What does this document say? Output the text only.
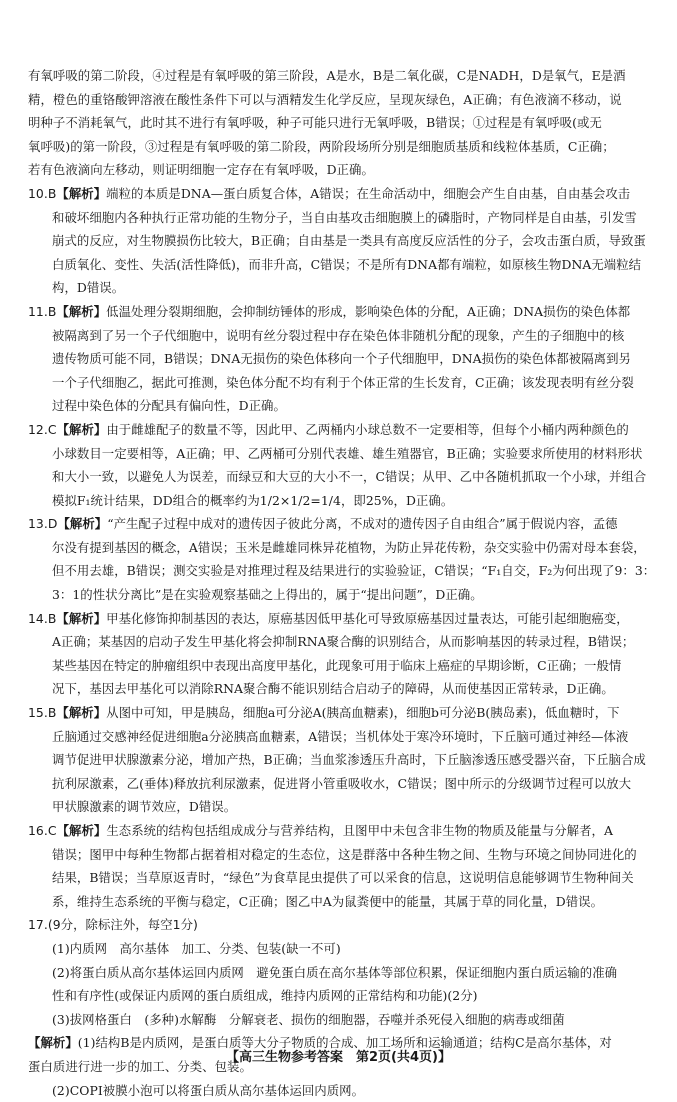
有氧呼吸的第二阶段，④过程是有氧呼吸的第三阶段，A是水，B是二氧化碳，C是NADH，D是氧气，E是酒
精，橙色的重铬酸钾溶液在酸性条件下可以与酒精发生化学反应，呈现灰绿色，A正确；有色液滴不移动，说
明种子不消耗氧气，此时其不进行有氧呼吸，种子可能只进行无氧呼吸，B错误；①过程是有氧呼吸(或无
氧呼吸)的第一阶段，③过程是有氧呼吸的第二阶段，两阶段场所分别是细胞质基质和线粒体基质，C正确；
若有色液滴向左移动，则证明细胞一定存在有氧呼吸，D正确。

10.B【解析】端粒的本质是DNA—蛋白质复合体，A错误；在生命活动中，细胞会产生自由基，自由基会攻击
和破坏细胞内各种执行正常功能的生物分子，当自由基攻击细胞膜上的磷脂时，产物同样是自由基，引发雪
崩式的反应，对生物膜损伤比较大，B正确；自由基是一类具有高度反应活性的分子，会攻击蛋白质，导致蛋
白质氧化、变性、失活(活性降低)，而非升高，C错误；不是所有DNA都有端粒，如原核生物DNA无端粒结
构，D错误。

11.B【解析】低温处理分裂期细胞，会抑制纺锤体的形成，影响染色体的分配，A正确；DNA损伤的染色体都
被隔离到了另一个子代细胞中，说明有丝分裂过程中存在染色体非随机分配的现象，产生的子细胞中的核
遗传物质可能不同，B错误；DNA无损伤的染色体移向一个子代细胞甲，DNA损伤的染色体都被隔离到另
一个子代细胞乙，据此可推测，染色体分配不均有利于个体正常的生长发育，C正确；该发现表明有丝分裂
过程中染色体的分配具有偏向性，D正确。

12.C【解析】由于雌雄配子的数量不等，因此甲、乙两桶内小球总数不一定要相等，但每个小桶内两种颜色的
小球数目一定要相等，A正确；甲、乙两桶可分别代表雄、雄生殖器官，B正确；实验要求所使用的材料形状
和大小一致，以避免人为误差，而绿豆和大豆的大小不一，C错误；从甲、乙中各随机抓取一个小球，并组合
模拟F₁统计结果，DD组合的概率约为1/2×1/2=1/4，即25%，D正确。

13.D【解析】“产生配子过程中成对的遗传因子彼此分离，不成对的遗传因子自由组合”属于假说内容，孟德
尔没有提到基因的概念，A错误；玉米是雌雄同株异花植物，为防止异花传粉，杂交实验中仍需对母本套袋，
但不用去雄，B错误；测交实验是对推理过程及结果进行的实验验证，C错误；“F₁自交，F₂为何出现了9：3：
3：1的性状分离比”是在实验观察基础之上得出的，属于“提出问题”，D正确。

14.B【解析】甲基化修饰抑制基因的表达，原癌基因低甲基化可导致原癌基因过量表达，可能引起细胞癌变，
A正确；某基因的启动子发生甲基化将会抑制RNA聚合酶的识别结合，从而影响基因的转录过程，B错误；
某些基因在特定的肿瘤组织中表现出高度甲基化，此现象可用于临床上癌症的早期诊断，C正确；一般情
况下，基因去甲基化可以消除RNA聚合酶不能识别结合启动子的障碍，从而使基因正常转录，D正确。

15.B【解析】从图中可知，甲是胰岛，细胞a可分泌A(胰高血糖素)，细胞b可分泌B(胰岛素)，低血糖时，下
丘脑通过交感神经促进细胞a分泌胰高血糖素，A错误；当机体处于寒冷环境时，下丘脑可通过神经—体液
调节促进甲状腺激素分泌，增加产热，B正确；当血浆渗透压升高时，下丘脑渗透压感受器兴奋，下丘脑合成
抗利尿激素，乙(垂体)释放抗利尿激素，促进肾小管重吸收水，C错误；图中所示的分级调节过程可以放大
甲状腺激素的调节效应，D错误。

16.C【解析】生态系统的结构包括组成成分与营养结构，且图甲中未包含非生物的物质及能量与分解者，A
错误；图甲中每种生物都占据着相对稳定的生态位，这是群落中各种生物之间、生物与环境之间协同进化的
结果，B错误；当草原返青时，“绿色”为食草昆虫提供了可以采食的信息，这说明信息能够调节生物种间关
系，维持生态系统的平衡与稳定，C正确；图乙中A为鼠粪便中的能量，其属于草的同化量，D错误。

17.(9分，除标注外，每空1分)
(1)内质网　高尔基体　加工、分类、包装(缺一不可)
(2)将蛋白质从高尔基体运回内质网　避免蛋白质在高尔基体等部位积累，保证细胞内蛋白质运输的准确
性和有序性(或保证内质网的蛋白质组成，维持内质网的正常结构和功能)(2分)
(3)拔网格蛋白　(多种)水解酶　分解衰老、损伤的细胞器，吞噬并杀死侵入细胞的病毒或细菌
【解析】(1)结构B是内质网，是蛋白质等大分子物质的合成、加工场所和运输通道；结构C是高尔基体，对
蛋白质进行进一步的加工、分类、包装。
(2)COPⅠ被膜小泡可以将蛋白质从高尔基体运回内质网。

【高三生物参考答案　第2页(共4页)】
